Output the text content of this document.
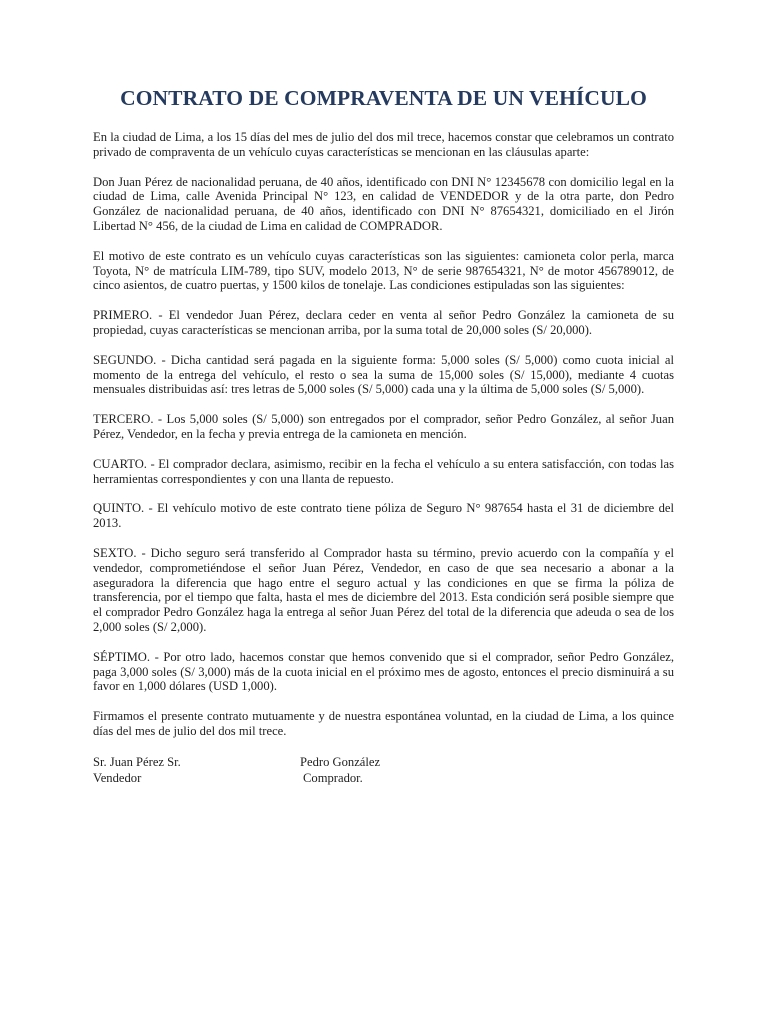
CONTRATO DE COMPRAVENTA DE UN VEHÍCULO

En la ciudad de Lima, a los 15 días del mes de julio del dos mil trece, hacemos constar que celebramos un contrato privado de compraventa de un vehículo cuyas características se mencionan en las cláusulas aparte:

Don Juan Pérez de nacionalidad peruana, de 40 años, identificado con DNI N° 12345678 con domicilio legal en la ciudad de Lima, calle Avenida Principal N° 123, en calidad de VENDEDOR y de la otra parte, don Pedro González de nacionalidad peruana, de 40 años, identificado con DNI N° 87654321, domiciliado en el Jirón Libertad N° 456, de la ciudad de Lima en calidad de COMPRADOR.

El motivo de este contrato es un vehículo cuyas características son las siguientes: camioneta color perla, marca Toyota, N° de matrícula LIM-789, tipo SUV, modelo 2013, N° de serie 987654321, N° de motor 456789012, de cinco asientos, de cuatro puertas, y 1500 kilos de tonelaje. Las condiciones estipuladas son las siguientes:

PRIMERO. - El vendedor Juan Pérez, declara ceder en venta al señor Pedro González la camioneta de su propiedad, cuyas características se mencionan arriba, por la suma total de 20,000 soles (S/ 20,000).

SEGUNDO. - Dicha cantidad será pagada en la siguiente forma: 5,000 soles (S/ 5,000) como cuota inicial al momento de la entrega del vehículo, el resto o sea la suma de 15,000 soles (S/ 15,000), mediante 4 cuotas mensuales distribuidas así: tres letras de 5,000 soles (S/ 5,000) cada una y la última de 5,000 soles (S/ 5,000).

TERCERO. - Los 5,000 soles (S/ 5,000) son entregados por el comprador, señor Pedro González, al señor Juan Pérez, Vendedor, en la fecha y previa entrega de la camioneta en mención.

CUARTO. - El comprador declara, asimismo, recibir en la fecha el vehículo a su entera satisfacción, con todas las herramientas correspondientes y con una llanta de repuesto.

QUINTO. - El vehículo motivo de este contrato tiene póliza de Seguro N° 987654 hasta el 31 de diciembre del 2013.

SEXTO. - Dicho seguro será transferido al Comprador hasta su término, previo acuerdo con la compañía y el vendedor, comprometiéndose el señor Juan Pérez, Vendedor, en caso de que sea necesario a abonar a la aseguradora la diferencia que hago entre el seguro actual y las condiciones en que se firma la póliza de transferencia, por el tiempo que falta, hasta el mes de diciembre del 2013. Esta condición será posible siempre que el comprador Pedro González haga la entrega al señor Juan Pérez del total de la diferencia que adeuda o sea de los 2,000 soles (S/ 2,000).

SÉPTIMO. - Por otro lado, hacemos constar que hemos convenido que si el comprador, señor Pedro González, paga 3,000 soles (S/ 3,000) más de la cuota inicial en el próximo mes de agosto, entonces el precio disminuirá a su favor en 1,000 dólares (USD 1,000).

Firmamos el presente contrato mutuamente y de nuestra espontánea voluntad, en la ciudad de Lima, a los quince días del mes de julio del dos mil trece.

Sr. Juan Pérez Sr.	Pedro González
Vendedor	Comprador.
